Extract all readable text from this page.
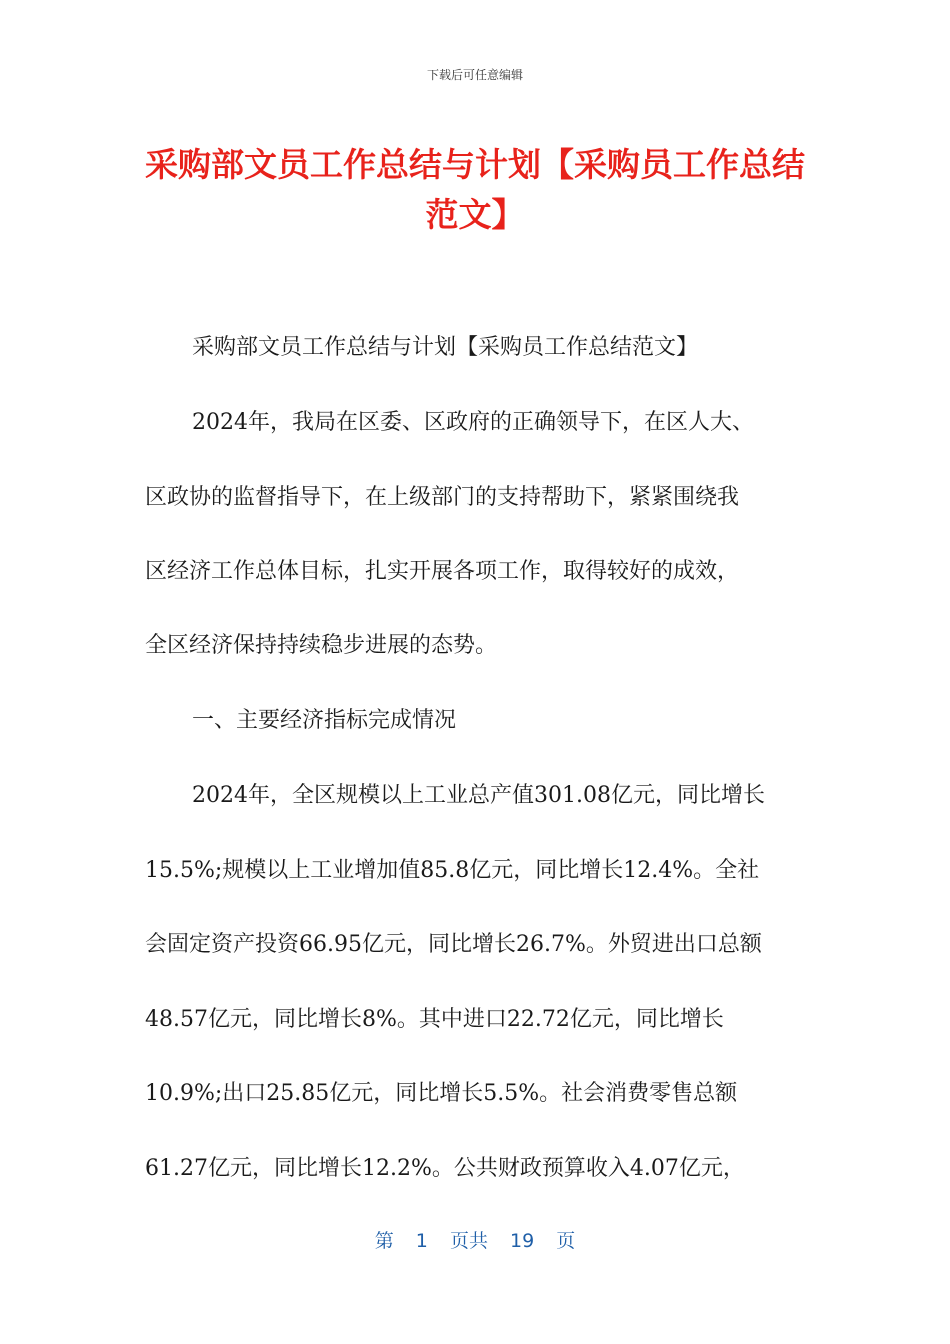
下载后可任意编辑
采购部文员工作总结与计划【采购员工作总结范文】
采购部文员工作总结与计划【采购员工作总结范文】
2024年，我局在区委、区政府的正确领导下，在区人大、
区政协的监督指导下，在上级部门的支持帮助下，紧紧围绕我
区经济工作总体目标，扎实开展各项工作，取得较好的成效，
全区经济保持持续稳步进展的态势。
一、主要经济指标完成情况
2024年，全区规模以上工业总产值301.08亿元，同比增长
15.5%;规模以上工业增加值85.8亿元，同比增长12.4%。全社
会固定资产投资66.95亿元，同比增长26.7%。外贸进出口总额
48.57亿元，同比增长8%。其中进口22.72亿元，同比增长
10.9%;出口25.85亿元，同比增长5.5%。社会消费零售总额
61.27亿元，同比增长12.2%。公共财政预算收入4.07亿元，
第 1 页共 19 页
